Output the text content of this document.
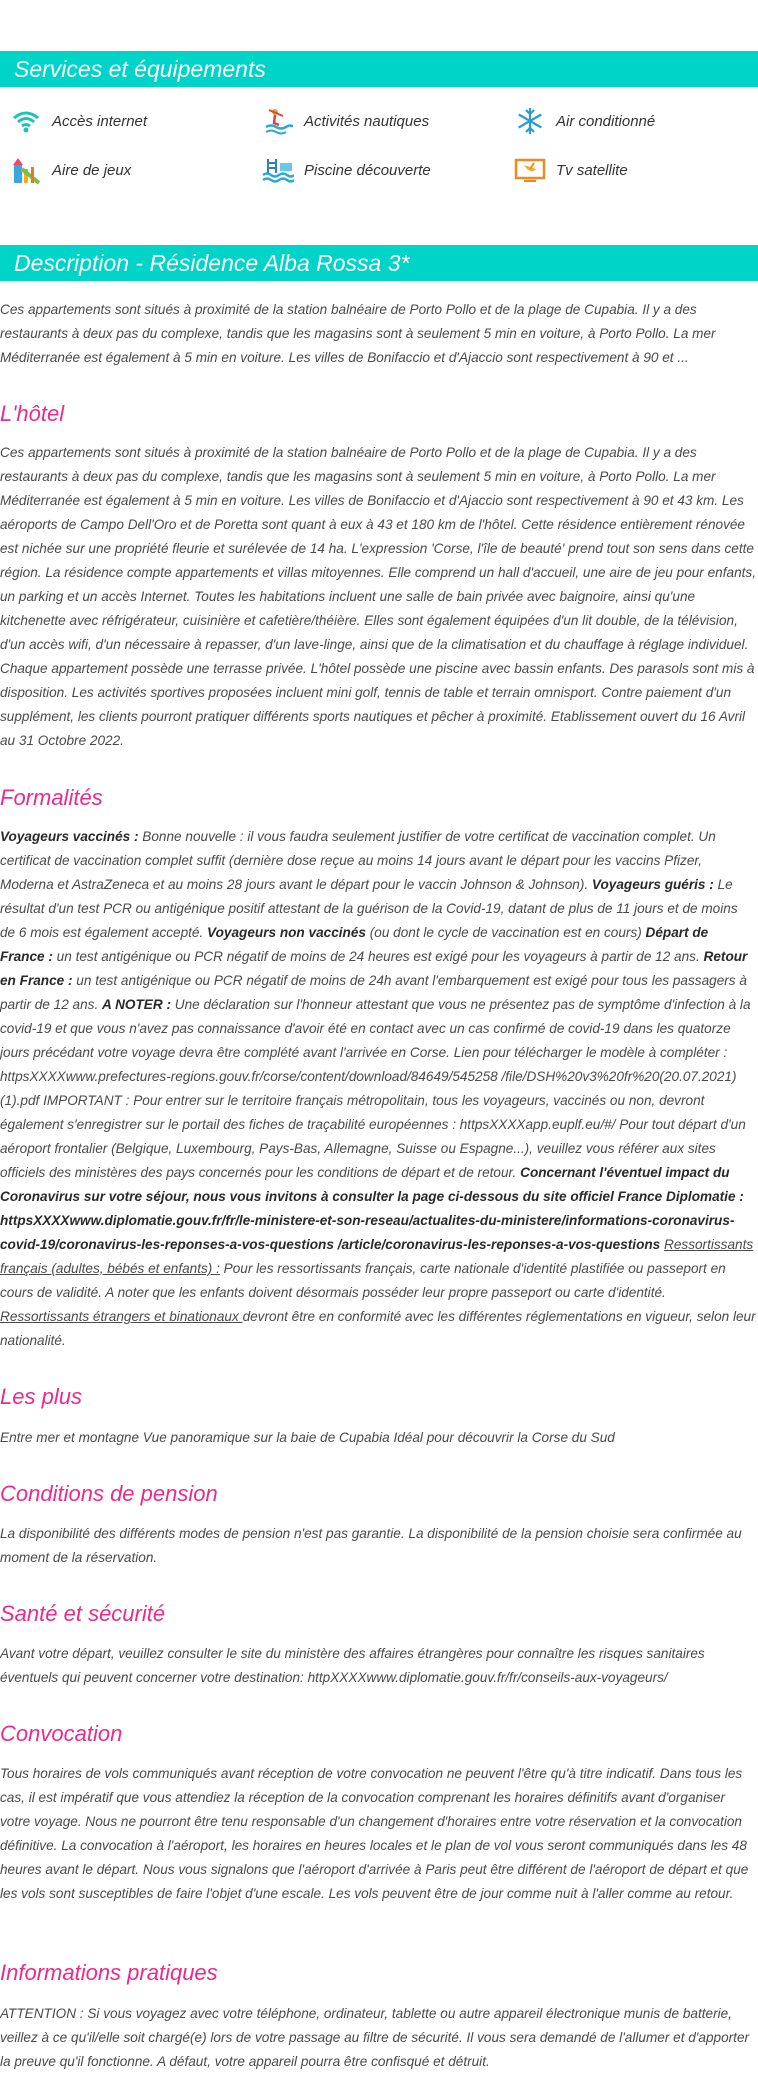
Services et équipements
Accès internet	Activités nautiques	Air conditionné
Aire de jeux	Piscine découverte	Tv satellite
Description - Résidence Alba Rossa 3*

Ces appartements sont situés à proximité de la station balnéaire de Porto Pollo et de la plage de Cupabia. Il y a des restaurants à deux pas du complexe, tandis que les magasins sont à seulement 5 min en voiture, à Porto Pollo. La mer Méditerranée est également à 5 min en voiture. Les villes de Bonifaccio et d'Ajaccio sont respectivement à 90 et ...

L'hôtel

Ces appartements sont situés à proximité de la station balnéaire de Porto Pollo et de la plage de Cupabia. Il y a des restaurants à deux pas du complexe, tandis que les magasins sont à seulement 5 min en voiture, à Porto Pollo. La mer Méditerranée est également à 5 min en voiture. Les villes de Bonifaccio et d'Ajaccio sont respectivement à 90 et 43 km. Les aéroports de Campo Dell'Oro et de Poretta sont quant à eux à 43 et 180 km de l'hôtel. Cette résidence entièrement rénovée est nichée sur une propriété fleurie et surélevée de 14 ha. L'expression 'Corse, l'île de beauté' prend tout son sens dans cette région. La résidence compte appartements et villas mitoyennes. Elle comprend un hall d'accueil, une aire de jeu pour enfants, un parking et un accès Internet. Toutes les habitations incluent une salle de bain privée avec baignoire, ainsi qu'une kitchenette avec réfrigérateur, cuisinière et cafetière/théière. Elles sont également équipées d'un lit double, de la télévision, d'un accès wifi, d'un nécessaire à repasser, d'un lave-linge, ainsi que de la climatisation et du chauffage à réglage individuel. Chaque appartement possède une terrasse privée. L'hôtel possède une piscine avec bassin enfants. Des parasols sont mis à disposition. Les activités sportives proposées incluent mini golf, tennis de table et terrain omnisport. Contre paiement d'un supplément, les clients pourront pratiquer différents sports nautiques et pêcher à proximité. Etablissement ouvert du 16 Avril au 31 Octobre 2022.

Formalités

Voyageurs vaccinés : Bonne nouvelle : il vous faudra seulement justifier de votre certificat de vaccination complet. Un certificat de vaccination complet suffit (dernière dose reçue au moins 14 jours avant le départ pour les vaccins Pfizer, Moderna et AstraZeneca et au moins 28 jours avant le départ pour le vaccin Johnson & Johnson). Voyageurs guéris : Le résultat d'un test PCR ou antigénique positif attestant de la guérison de la Covid-19, datant de plus de 11 jours et de moins de 6 mois est également accepté. Voyageurs non vaccinés (ou dont le cycle de vaccination est en cours) Départ de France : un test antigénique ou PCR négatif de moins de 24 heures est exigé pour les voyageurs à partir de 12 ans. Retour en France : un test antigénique ou PCR négatif de moins de 24h avant l'embarquement est exigé pour tous les passagers à partir de 12 ans. A NOTER : Une déclaration sur l'honneur attestant que vous ne présentez pas de symptôme d'infection à la covid-19 et que vous n'avez pas connaissance d'avoir été en contact avec un cas confirmé de covid-19 dans les quatorze jours précédant votre voyage devra être complété avant l'arrivée en Corse. Lien pour télécharger le modèle à compléter : httpsXXXXwww.prefectures-regions.gouv.fr/corse/content/download/84649/545258 /file/DSH%20v3%20fr%20(20.07.2021)(1).pdf IMPORTANT : Pour entrer sur le territoire français métropolitain, tous les voyageurs, vaccinés ou non, devront également s'enregistrer sur le portail des fiches de traçabilité européennes : httpsXXXXapp.euplf.eu/#/ Pour tout départ d'un aéroport frontalier (Belgique, Luxembourg, Pays-Bas, Allemagne, Suisse ou Espagne...), veuillez vous référer aux sites officiels des ministères des pays concernés pour les conditions de départ et de retour. Concernant l'éventuel impact du Coronavirus sur votre séjour, nous vous invitons à consulter la page ci-dessous du site officiel France Diplomatie : httpsXXXXwww.diplomatie.gouv.fr/fr/le-ministere-et-son-reseau/actualites-du-ministere/informations-coronavirus-covid-19/coronavirus-les-reponses-a-vos-questions /article/coronavirus-les-reponses-a-vos-questions Ressortissants français (adultes, bébés et enfants) : Pour les ressortissants français, carte nationale d'identité plastifiée ou passeport en cours de validité. A noter que les enfants doivent désormais posséder leur propre passeport ou carte d'identité. Ressortissants étrangers et binationaux devront être en conformité avec les différentes réglementations en vigueur, selon leur nationalité.

Les plus

Entre mer et montagne Vue panoramique sur la baie de Cupabia Idéal pour découvrir la Corse du Sud

Conditions de pension

La disponibilité des différents modes de pension n'est pas garantie. La disponibilité de la pension choisie sera confirmée au moment de la réservation.

Santé et sécurité

Avant votre départ, veuillez consulter le site du ministère des affaires étrangères pour connaître les risques sanitaires éventuels qui peuvent concerner votre destination: httpXXXXwww.diplomatie.gouv.fr/fr/conseils-aux-voyageurs/

Convocation

Tous horaires de vols communiqués avant réception de votre convocation ne peuvent l'être qu'à titre indicatif. Dans tous les cas, il est impératif que vous attendiez la réception de la convocation comprenant les horaires définitifs avant d'organiser votre voyage. Nous ne pourront être tenu responsable d'un changement d'horaires entre votre réservation et la convocation définitive. La convocation à l'aéroport, les horaires en heures locales et le plan de vol vous seront communiqués dans les 48 heures avant le départ. Nous vous signalons que l'aéroport d'arrivée à Paris peut être différent de l'aéroport de départ et que les vols sont susceptibles de faire l'objet d'une escale. Les vols peuvent être de jour comme nuit à l'aller comme au retour.

Informations pratiques

ATTENTION : Si vous voyagez avec votre téléphone, ordinateur, tablette ou autre appareil électronique munis de batterie, veillez à ce qu'il/elle soit chargé(e) lors de votre passage au filtre de sécurité. Il vous sera demandé de l'allumer et d'apporter la preuve qu'il fonctionne. A défaut, votre appareil pourra être confisqué et détruit.
